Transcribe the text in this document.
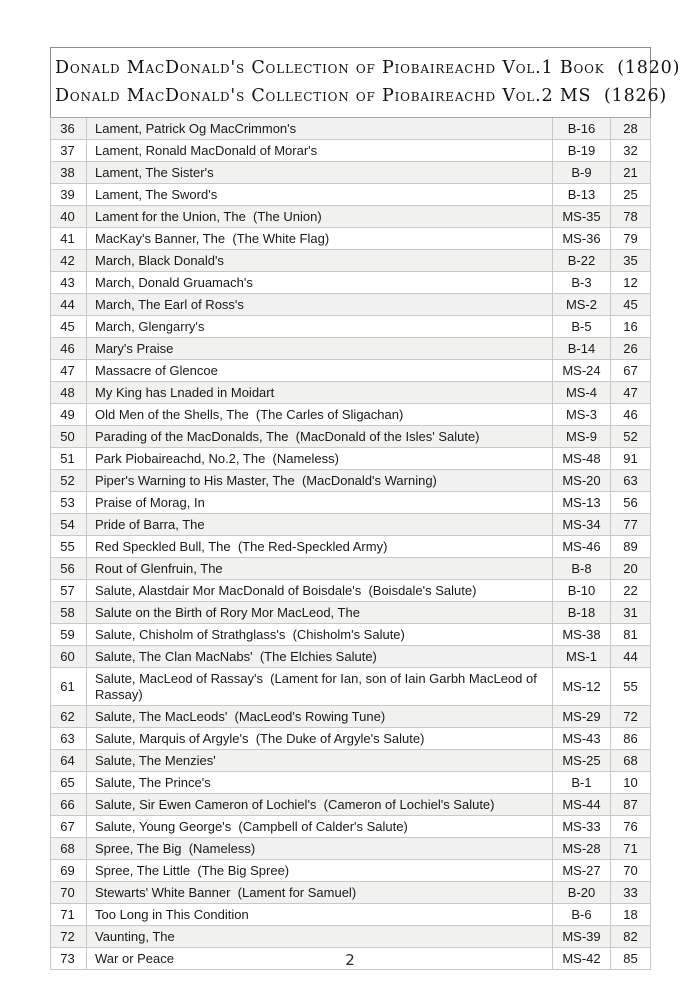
Donald MacDonald's Collection of Piobaireachd Vol.1 Book  (1820)
Donald MacDonald's Collection of Piobaireachd Vol.2 MS  (1826)			

36	Lament, Patrick Og MacCrimmon's	B-16	28
37	Lament, Ronald MacDonald of Morar's	B-19	32
38	Lament, The Sister's	B-9	21
39	Lament, The Sword's	B-13	25
40	Lament for the Union, The  (The Union)	MS-35	78
41	MacKay's Banner, The  (The White Flag)	MS-36	79
42	March, Black Donald's	B-22	35
43	March, Donald Gruamach's	B-3	12
44	March, The Earl of Ross's	MS-2	45
45	March, Glengarry's	B-5	16
46	Mary's Praise	B-14	26
47	Massacre of Glencoe	MS-24	67
48	My King has Lnaded in Moidart	MS-4	47
49	Old Men of the Shells, The  (The Carles of Sligachan)	MS-3	46
50	Parading of the MacDonalds, The  (MacDonald of the Isles' Salute)	MS-9	52
51	Park Piobaireachd, No.2, The  (Nameless)	MS-48	91
52	Piper's Warning to His Master, The  (MacDonald's Warning)	MS-20	63
53	Praise of Morag, In	MS-13	56
54	Pride of Barra, The	MS-34	77
55	Red Speckled Bull, The  (The Red-Speckled Army)	MS-46	89
56	Rout of Glenfruin, The	B-8	20
57	Salute, Alastdair Mor MacDonald of Boisdale's  (Boisdale's Salute)	B-10	22
58	Salute on the Birth of Rory Mor MacLeod, The	B-18	31
59	Salute, Chisholm of Strathglass's  (Chisholm's Salute)	MS-38	81
60	Salute, The Clan MacNabs'  (The Elchies Salute)	MS-1	44
61	Salute, MacLeod of Rassay's  (Lament for Ian, son of Iain Garbh MacLeod of Rassay)	MS-12	55
62	Salute, The MacLeods'  (MacLeod's Rowing Tune)	MS-29	72
63	Salute, Marquis of Argyle's  (The Duke of Argyle's Salute)	MS-43	86
64	Salute, The Menzies'	MS-25	68
65	Salute, The Prince's	B-1	10
66	Salute, Sir Ewen Cameron of Lochiel's  (Cameron of Lochiel's Salute)	MS-44	87
67	Salute, Young George's  (Campbell of Calder's Salute)	MS-33	76
68	Spree, The Big  (Nameless)	MS-28	71
69	Spree, The Little  (The Big Spree)	MS-27	70
70	Stewarts' White Banner  (Lament for Samuel)	B-20	33
71	Too Long in This Condition	B-6	18
72	Vaunting, The	MS-39	82
73	War or Peace	MS-42	85
2
